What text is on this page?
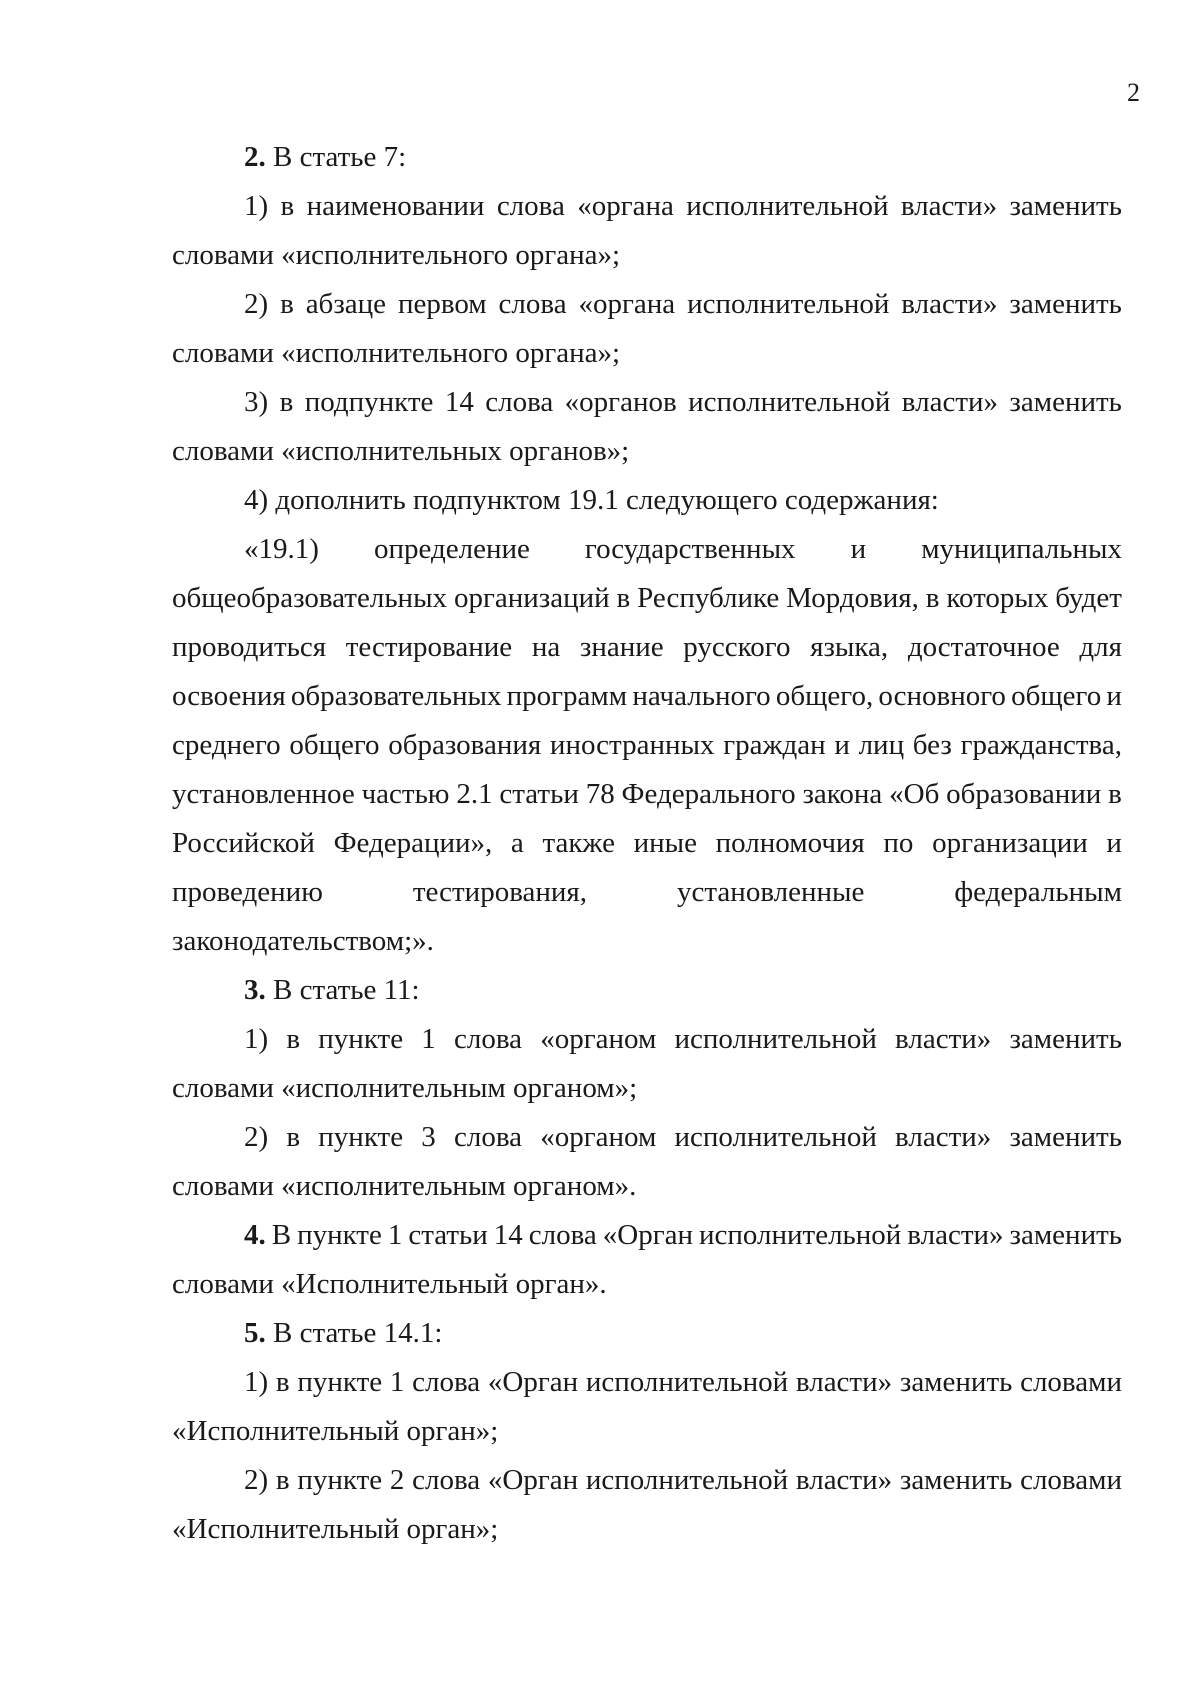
2
2. В статье 7:
1) в наименовании слова «органа исполнительной власти» заменить
словами «исполнительного органа»;
2) в абзаце первом слова «органа исполнительной власти» заменить
словами «исполнительного органа»;
3) в подпункте 14 слова «органов исполнительной власти» заменить
словами «исполнительных органов»;
4) дополнить подпунктом 19.1 следующего содержания:
«19.1) определение государственных и муниципальных
общеобразовательных организаций в Республике Мордовия, в которых будет
проводиться тестирование на знание русского языка, достаточное для
освоения образовательных программ начального общего, основного общего и
среднего общего образования иностранных граждан и лиц без гражданства,
установленное частью 2.1 статьи 78 Федерального закона «Об образовании в
Российской Федерации», а также иные полномочия по организации и
проведению	тестирования,	установленные	федеральным
законодательством;».
3. В статье 11:
1) в пункте 1 слова «органом исполнительной власти» заменить
словами «исполнительным органом»;
2) в пункте 3 слова «органом исполнительной власти» заменить
словами «исполнительным органом».
4. В пункте 1 статьи 14 слова «Орган исполнительной власти» заменить
словами «Исполнительный орган».
5. В статье 14.1:
1) в пункте 1 слова «Орган исполнительной власти» заменить словами
«Исполнительный орган»;
2) в пункте 2 слова «Орган исполнительной власти» заменить словами
«Исполнительный орган»;
